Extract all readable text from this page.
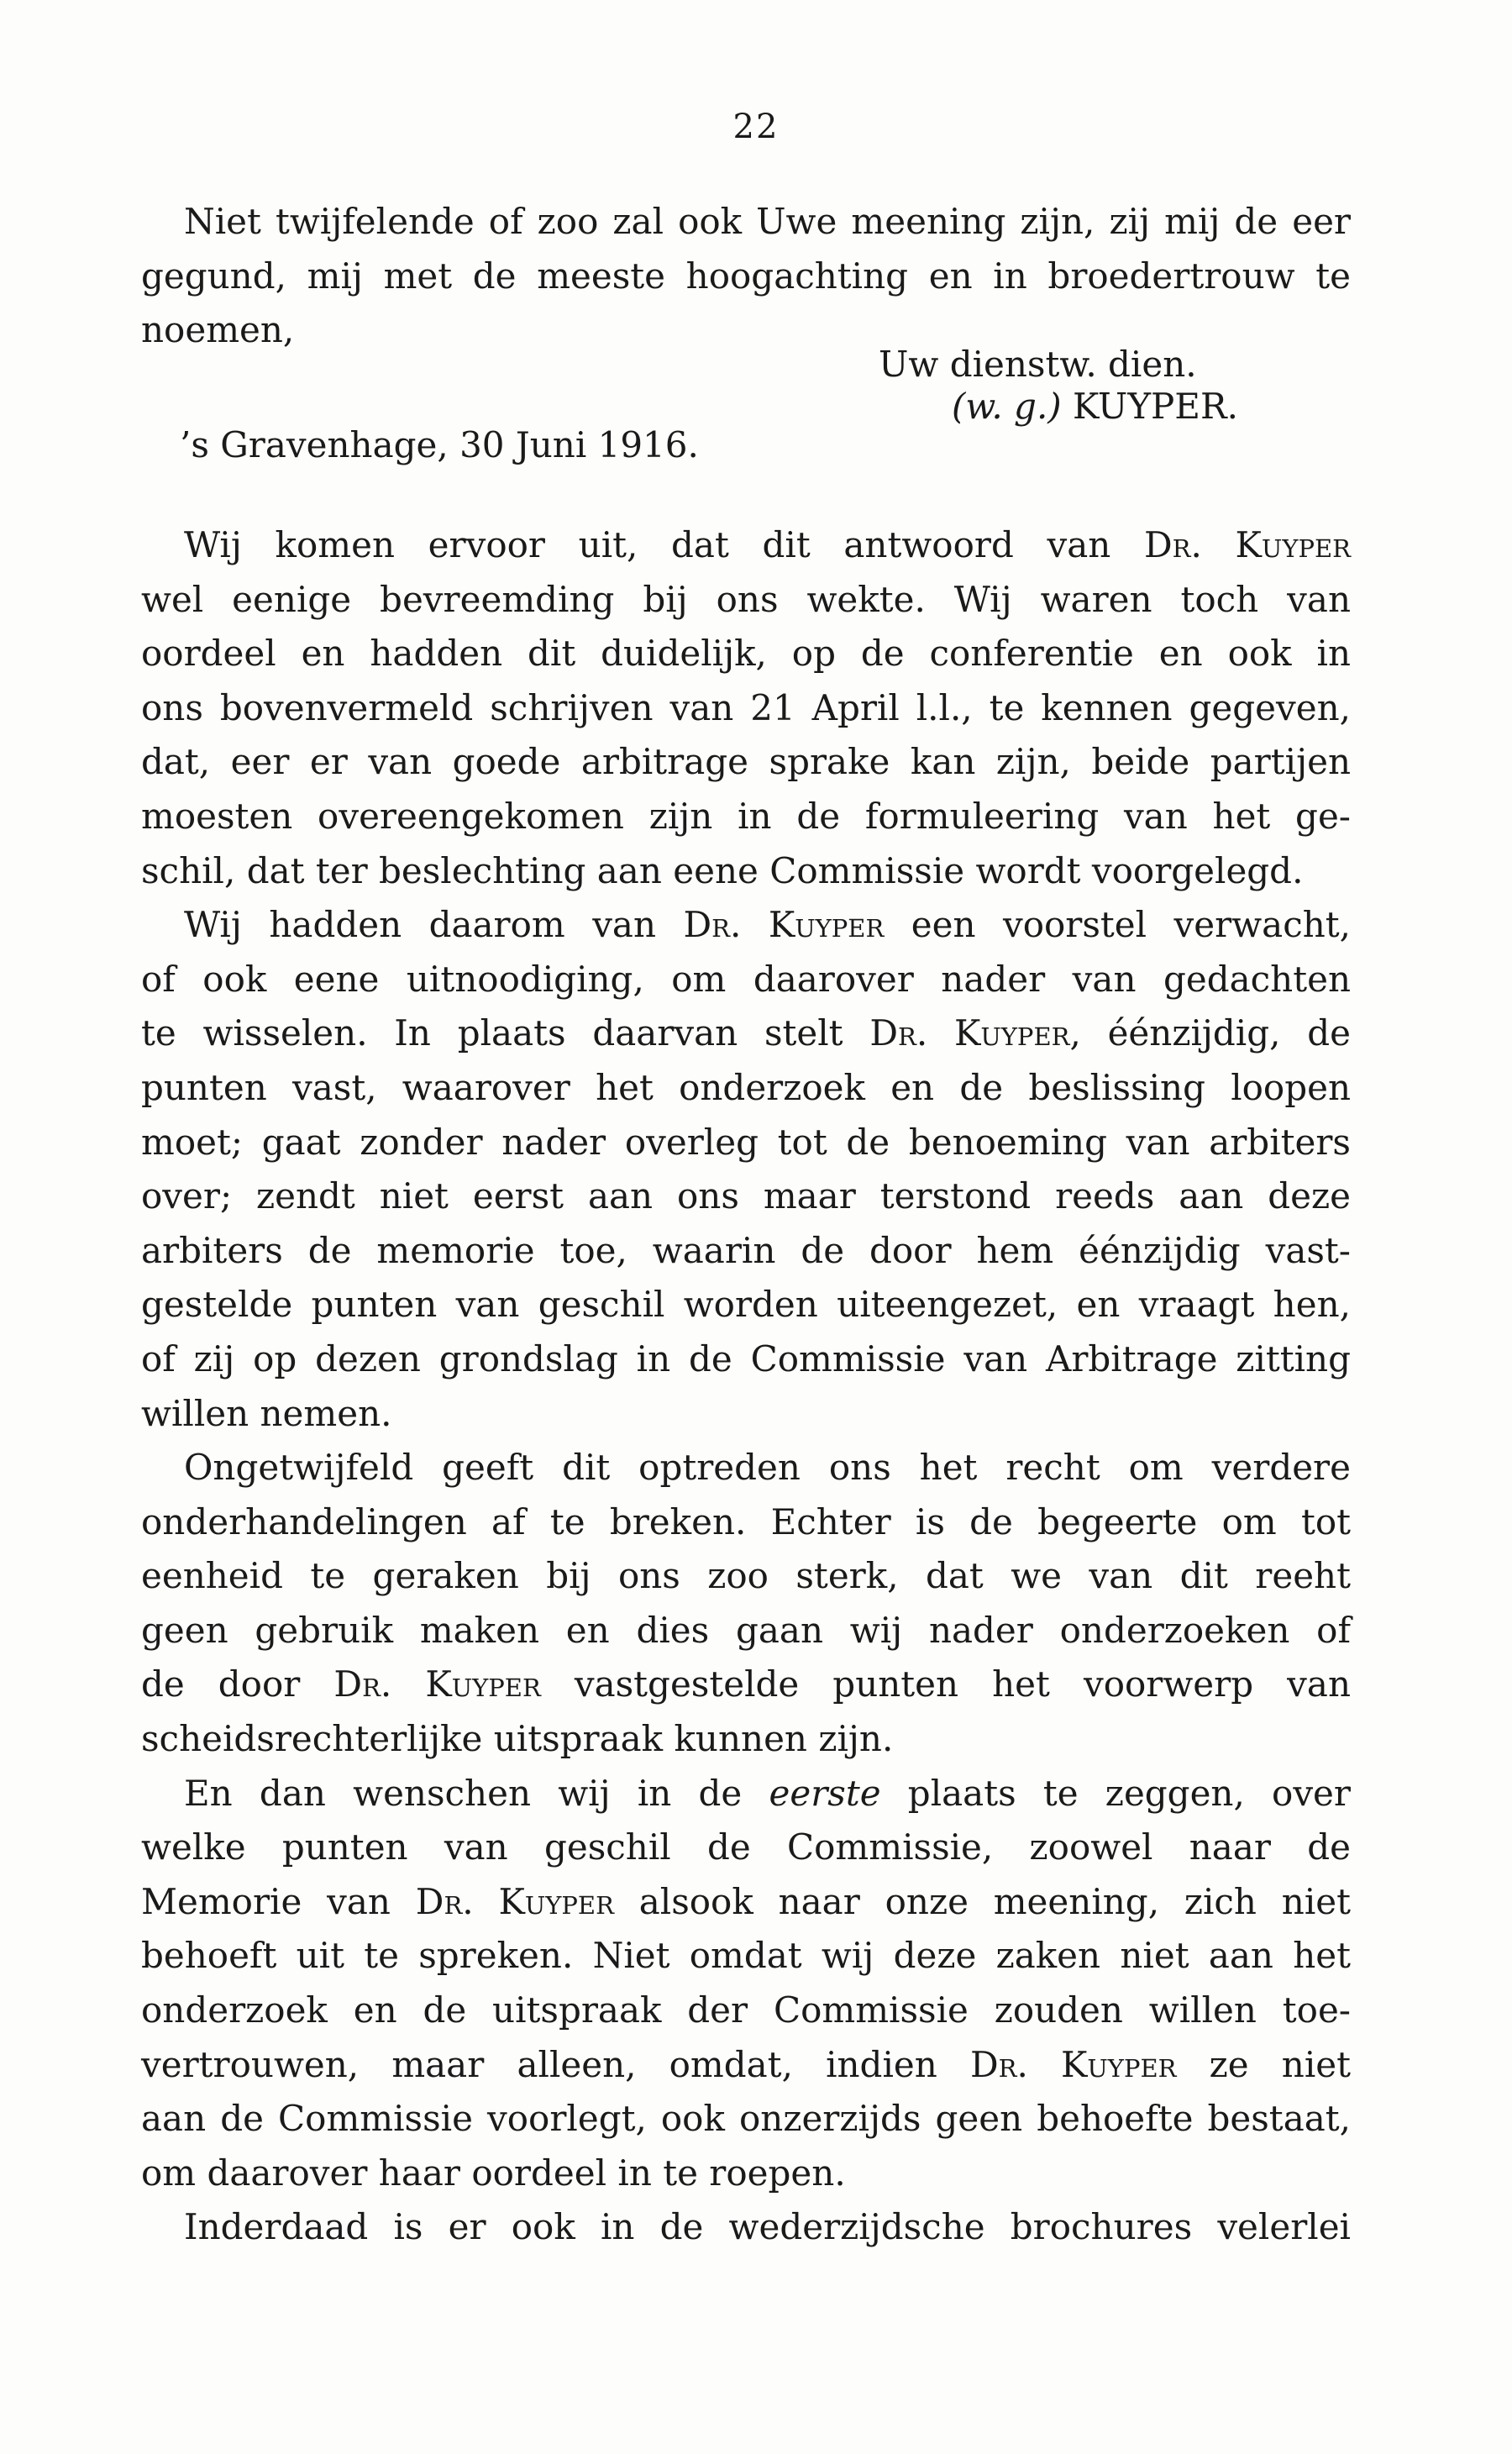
22

Niet twijfelende of zoo zal ook Uwe meening zijn, zij mij de eer

gegund, mij met de meeste hoogachting en in broedertrouw te

noemen,

Uw dienstw. dien.
(w. g.) KUYPER.
’s Gravenhage, 30 Juni 1916.

Wij komen ervoor uit, dat dit antwoord van Dr. Kuyper

wel eenige bevreemding bij ons wekte. Wij waren toch van

oordeel en hadden dit duidelijk, op de conferentie en ook in

ons bovenvermeld schrijven van 21 April l.l., te kennen gegeven,

dat, eer er van goede arbitrage sprake kan zijn, beide partijen

moesten overeengekomen zijn in de formuleering van het ge-

schil, dat ter beslechting aan eene Commissie wordt voorgelegd.

Wij hadden daarom van Dr. Kuyper een voorstel verwacht,

of ook eene uitnoodiging, om daarover nader van gedachten

te wisselen. In plaats daarvan stelt Dr. Kuyper, éénzijdig, de

punten vast, waarover het onderzoek en de beslissing loopen

moet; gaat zonder nader overleg tot de benoeming van arbiters

over; zendt niet eerst aan ons maar terstond reeds aan deze

arbiters de memorie toe, waarin de door hem éénzijdig vast-

gestelde punten van geschil worden uiteengezet, en vraagt hen,

of zij op dezen grondslag in de Commissie van Arbitrage zitting

willen nemen.

Ongetwijfeld geeft dit optreden ons het recht om verdere

onderhandelingen af te breken. Echter is de begeerte om tot

eenheid te geraken bij ons zoo sterk, dat we van dit reeht

geen gebruik maken en dies gaan wij nader onderzoeken of

de door Dr. Kuyper vastgestelde punten het voorwerp van

scheidsrechterlijke uitspraak kunnen zijn.

En dan wenschen wij in de eerste plaats te zeggen, over

welke punten van geschil de Commissie, zoowel naar de

Memorie van Dr. Kuyper alsook naar onze meening, zich niet

behoeft uit te spreken. Niet omdat wij deze zaken niet aan het

onderzoek en de uitspraak der Commissie zouden willen toe-

vertrouwen, maar alleen, omdat, indien Dr. Kuyper ze niet

aan de Commissie voorlegt, ook onzerzijds geen behoefte bestaat,

om daarover haar oordeel in te roepen.

Inderdaad is er ook in de wederzijdsche brochures velerlei
